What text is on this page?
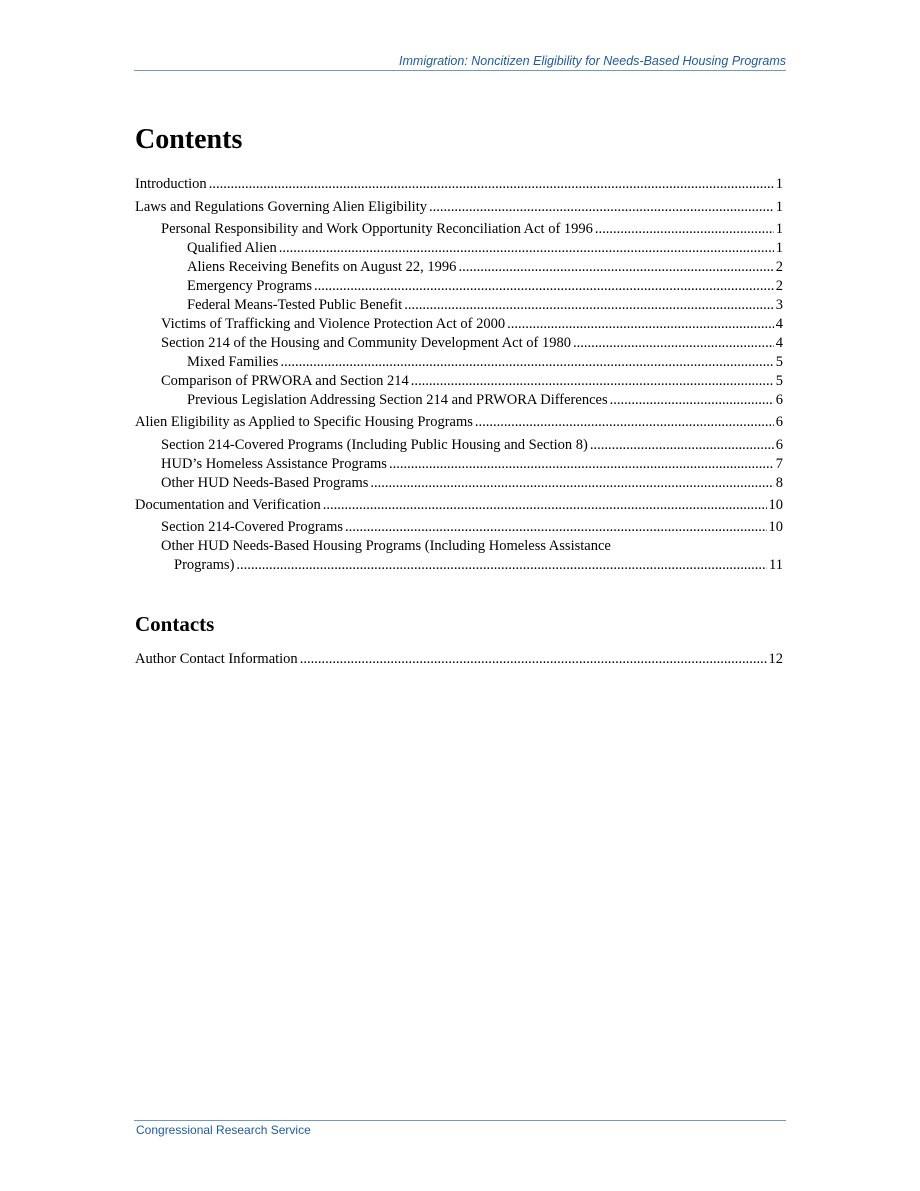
Immigration: Noncitizen Eligibility for Needs-Based Housing Programs
Contents
Introduction .....	1
Laws and Regulations Governing Alien Eligibility .....	1
Personal Responsibility and Work Opportunity Reconciliation Act of 1996 .....	1
Qualified Alien .....	1
Aliens Receiving Benefits on August 22, 1996 .....	2
Emergency Programs .....	2
Federal Means-Tested Public Benefit .....	3
Victims of Trafficking and Violence Protection Act of 2000 .....	4
Section 214 of the Housing and Community Development Act of 1980 .....	4
Mixed Families .....	5
Comparison of PRWORA and Section 214 .....	5
Previous Legislation Addressing Section 214 and PRWORA Differences .....	6
Alien Eligibility as Applied to Specific Housing Programs .....	6
Section 214-Covered Programs (Including Public Housing and Section 8) .....	6
HUD’s Homeless Assistance Programs .....	7
Other HUD Needs-Based Programs .....	8
Documentation and Verification .....	10
Section 214-Covered Programs .....	10
Other HUD Needs-Based Housing Programs (Including Homeless Assistance
Programs) .....	11
Contacts
Author Contact Information .....	12
Congressional Research Service
